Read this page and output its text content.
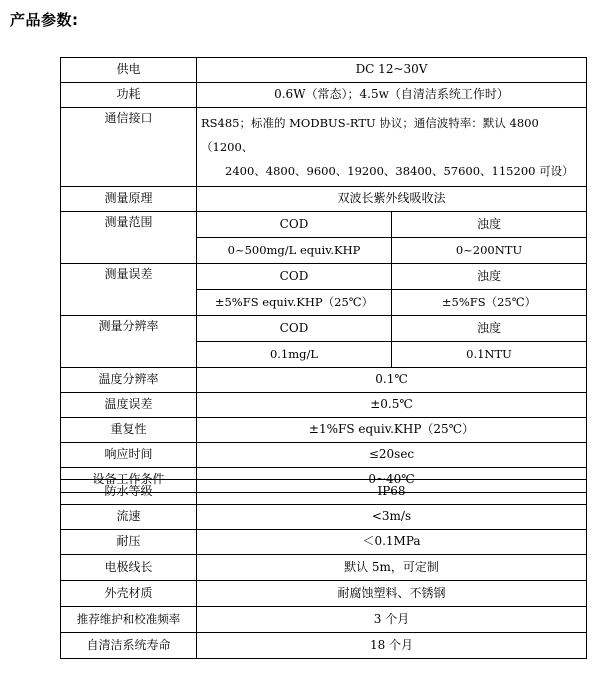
产品参数:
供电	DC 12~30V	
功耗	0.6W（常态）；4.5w（自清洁系统工作时）	
通信接口	RS485；标准的 MODBUS-RTU 协议；通信波特率：默认 4800（1200、
2400、4800、9600、19200、38400、57600、115200 可设）	

测量原理	双波长紫外线吸收法	
测量范围	COD	浊度
	0~500mg/L equiv.KHP	0~200NTU
测量误差	COD	浊度
	±5%FS equiv.KHP（25℃）	±5%FS（25℃）
测量分辨率	COD	浊度
	0.1mg/L	0.1NTU
温度分辨率	0.1℃	
温度误差	±0.5℃	
重复性	±1%FS equiv.KHP（25℃）	
响应时间	≤20sec	
设备工作条件	0~40℃	
防水等级	IP68
流速	<3m/s
耐压	＜0.1MPa
电极线长	默认 5m，可定制
外壳材质	耐腐蚀塑料、不锈钢
推荐维护和校准频率	3 个月
自清洁系统寿命	18 个月
